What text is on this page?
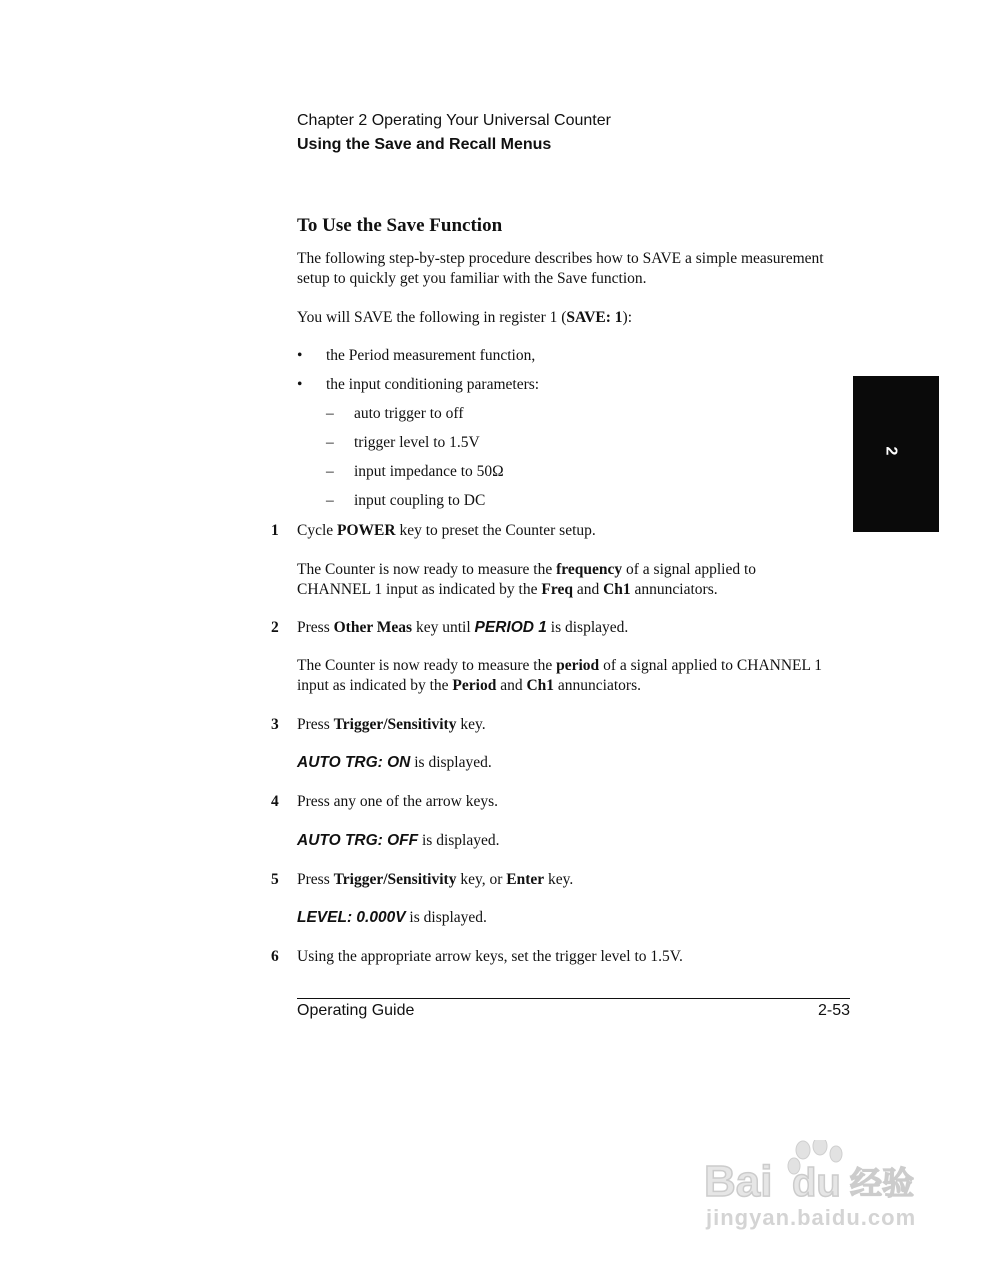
Chapter 2 Operating Your Universal Counter
Using the Save and Recall Menus
To Use the Save Function
The following step-by-step procedure describes how to SAVE a simple measurement
setup to quickly get you familiar with the Save function.
You will SAVE the following in register 1 (SAVE: 1):
• the Period measurement function,
• the input conditioning parameters:
– auto trigger to off
– trigger level to 1.5V
– input impedance to 50Ω
– input coupling to DC
1 Cycle POWER key to preset the Counter setup.
The Counter is now ready to measure the frequency of a signal applied to
CHANNEL 1 input as indicated by the Freq and Ch1 annunciators.
2 Press Other Meas key until PERIOD 1 is displayed.
The Counter is now ready to measure the period of a signal applied to CHANNEL 1
input as indicated by the Period and Ch1 annunciators.
3 Press Trigger/Sensitivity key.
AUTO TRG: ON is displayed.
4 Press any one of the arrow keys.
AUTO TRG: OFF is displayed.
5 Press Trigger/Sensitivity key, or Enter key.
LEVEL: 0.000V is displayed.
6 Using the appropriate arrow keys, set the trigger level to 1.5V.
2
Operating Guide	2-53
Bai du 经验
jingyan.baidu.com
